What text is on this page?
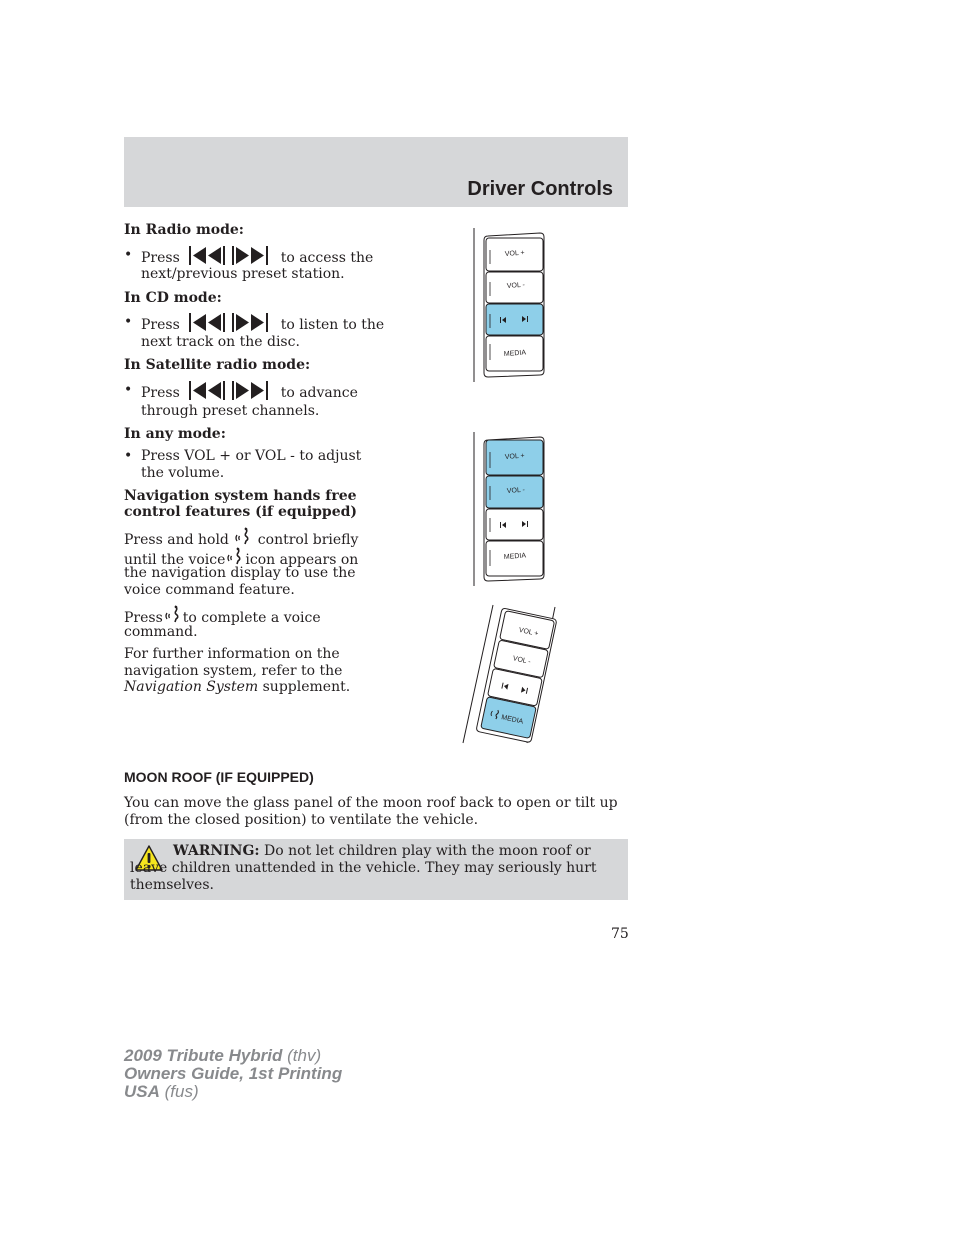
Driver Controls
In Radio mode:
• Press	to access the
next/previous preset station.
In CD mode:
• Press	to listen to the
next track on the disc.
In Satellite radio mode:
• Press	to advance
through preset channels.
In any mode:
• Press VOL + or VOL - to adjust
the volume.
Navigation system hands free
control features (if equipped)
Press and hold control briefly
until the voice icon appears on
the navigation display to use the
voice command feature.
Press to complete a voice
command.
For further information on the
navigation system, refer to the
Navigation System supplement.
VOL +
VOL -
MEDIA
VOL +
VOL -
MEDIA
VOL +
VOL -
MEDIA
MOON ROOF (IF EQUIPPED)
You can move the glass panel of the moon roof back to open or tilt up
(from the closed position) to ventilate the vehicle.
WARNING: Do not let children play with the moon roof or leave children unattended in the vehicle. They may seriously hurt themselves.
75
2009 Tribute Hybrid (thv)
Owners Guide, 1st Printing
USA (fus)
